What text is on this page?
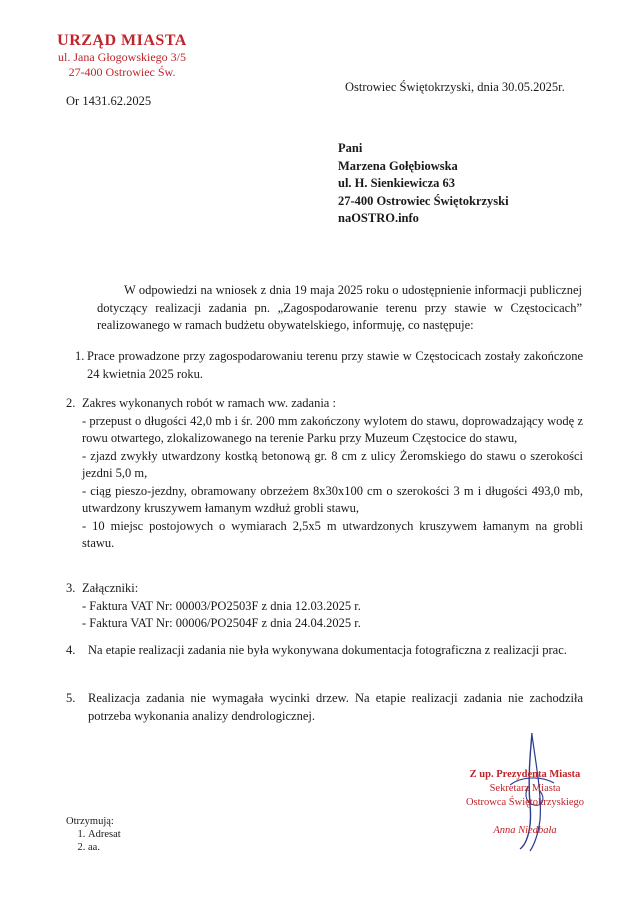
URZĄD MIASTA
ul. Jana Głogowskiego 3/5
27-400 Ostrowiec Św.
Ostrowiec Świętokrzyski, dnia 30.05.2025r.
Or 1431.62.2025
Pani
Marzena Gołębiowska
ul. H. Sienkiewicza 63
27-400 Ostrowiec Świętokrzyski
naOSTRO.info
W odpowiedzi na wniosek z dnia 19 maja 2025 roku o udostępnienie informacji publicznej dotyczący realizacji zadania pn. „Zagospodarowanie terenu przy stawie w Częstocicach” realizowanego w ramach budżetu obywatelskiego, informuję, co następuje:
1. Prace prowadzone przy zagospodarowaniu terenu przy stawie w Częstocicach zostały zakończone 24 kwietnia 2025 roku.
2. Zakres wykonanych robót w ramach ww. zadania :
- przepust o długości 42,0 mb i śr. 200 mm zakończony wylotem do stawu, doprowadzający wodę z rowu otwartego, zlokalizowanego na terenie Parku przy Muzeum Częstocice do stawu,
- zjazd zwykły utwardzony kostką betonową gr. 8 cm z ulicy Żeromskiego do stawu o szerokości jezdni 5,0 m,
- ciąg pieszo-jezdny, obramowany obrzeżem 8x30x100 cm o szerokości 3 m i długości 493,0 mb, utwardzony kruszywem łamanym wzdłuż grobli stawu,
- 10 miejsc postojowych o wymiarach 2,5x5 m utwardzonych kruszywem łamanym na grobli stawu.
3. Załączniki:
- Faktura VAT Nr: 00003/PO2503F z dnia 12.03.2025 r.
- Faktura VAT Nr: 00006/PO2504F z dnia 24.04.2025 r.
4. Na etapie realizacji zadania nie była wykonywana dokumentacja fotograficzna z realizacji prac.
5. Realizacja zadania nie wymagała wycinki drzew. Na etapie realizacji zadania nie zachodziła potrzeba wykonania analizy dendrologicznej.
Z up. Prezydenta Miasta
Sekretarz Miasta
Ostrowca Świętokrzyskiego
Anna Niedbała
Otrzymują:
1. Adresat
2. aa.
